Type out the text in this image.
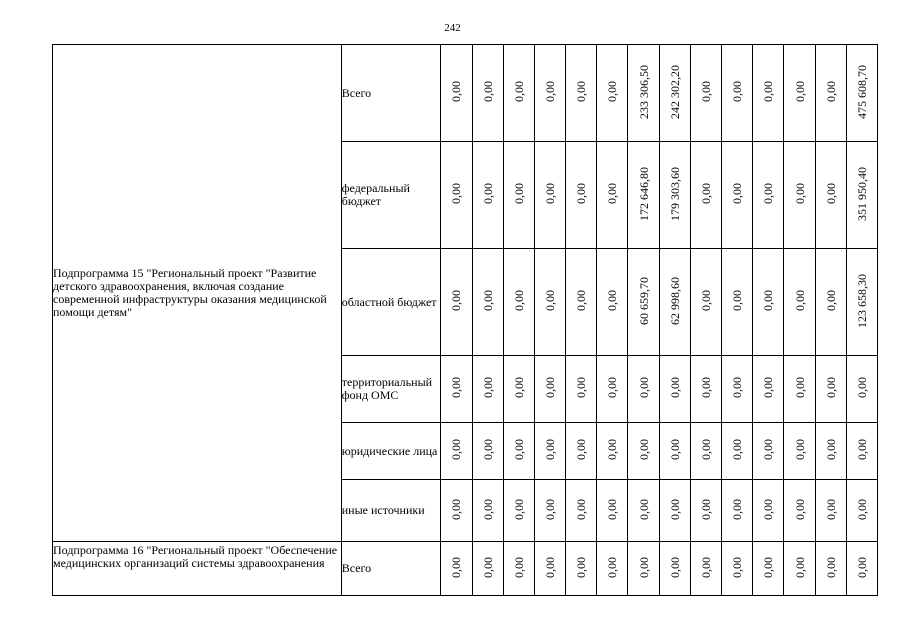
242
Подпрограмма 15 "Региональный проект "Развитие детского здравоохранения, включая создание современной инфраструктуры оказания медицинской помощи детям"	Всего	0,00	0,00	0,00	0,00	0,00	0,00	233 306,50	242 302,20	0,00	0,00	0,00	0,00	0,00	475 608,70
	федеральный бюджет	0,00	0,00	0,00	0,00	0,00	0,00	172 646,80	179 303,60	0,00	0,00	0,00	0,00	0,00	351 950,40
	областной бюджет	0,00	0,00	0,00	0,00	0,00	0,00	60 659,70	62 998,60	0,00	0,00	0,00	0,00	0,00	123 658,30
	территориальный фонд ОМС	0,00	0,00	0,00	0,00	0,00	0,00	0,00	0,00	0,00	0,00	0,00	0,00	0,00	0,00
	юридические лица	0,00	0,00	0,00	0,00	0,00	0,00	0,00	0,00	0,00	0,00	0,00	0,00	0,00	0,00
	иные источники	0,00	0,00	0,00	0,00	0,00	0,00	0,00	0,00	0,00	0,00	0,00	0,00	0,00	0,00
Подпрограмма 16 "Региональный проект "Обеспечение медицинских организаций системы здравоохранения	Всего	0,00	0,00	0,00	0,00	0,00	0,00	0,00	0,00	0,00	0,00	0,00	0,00	0,00	0,00
